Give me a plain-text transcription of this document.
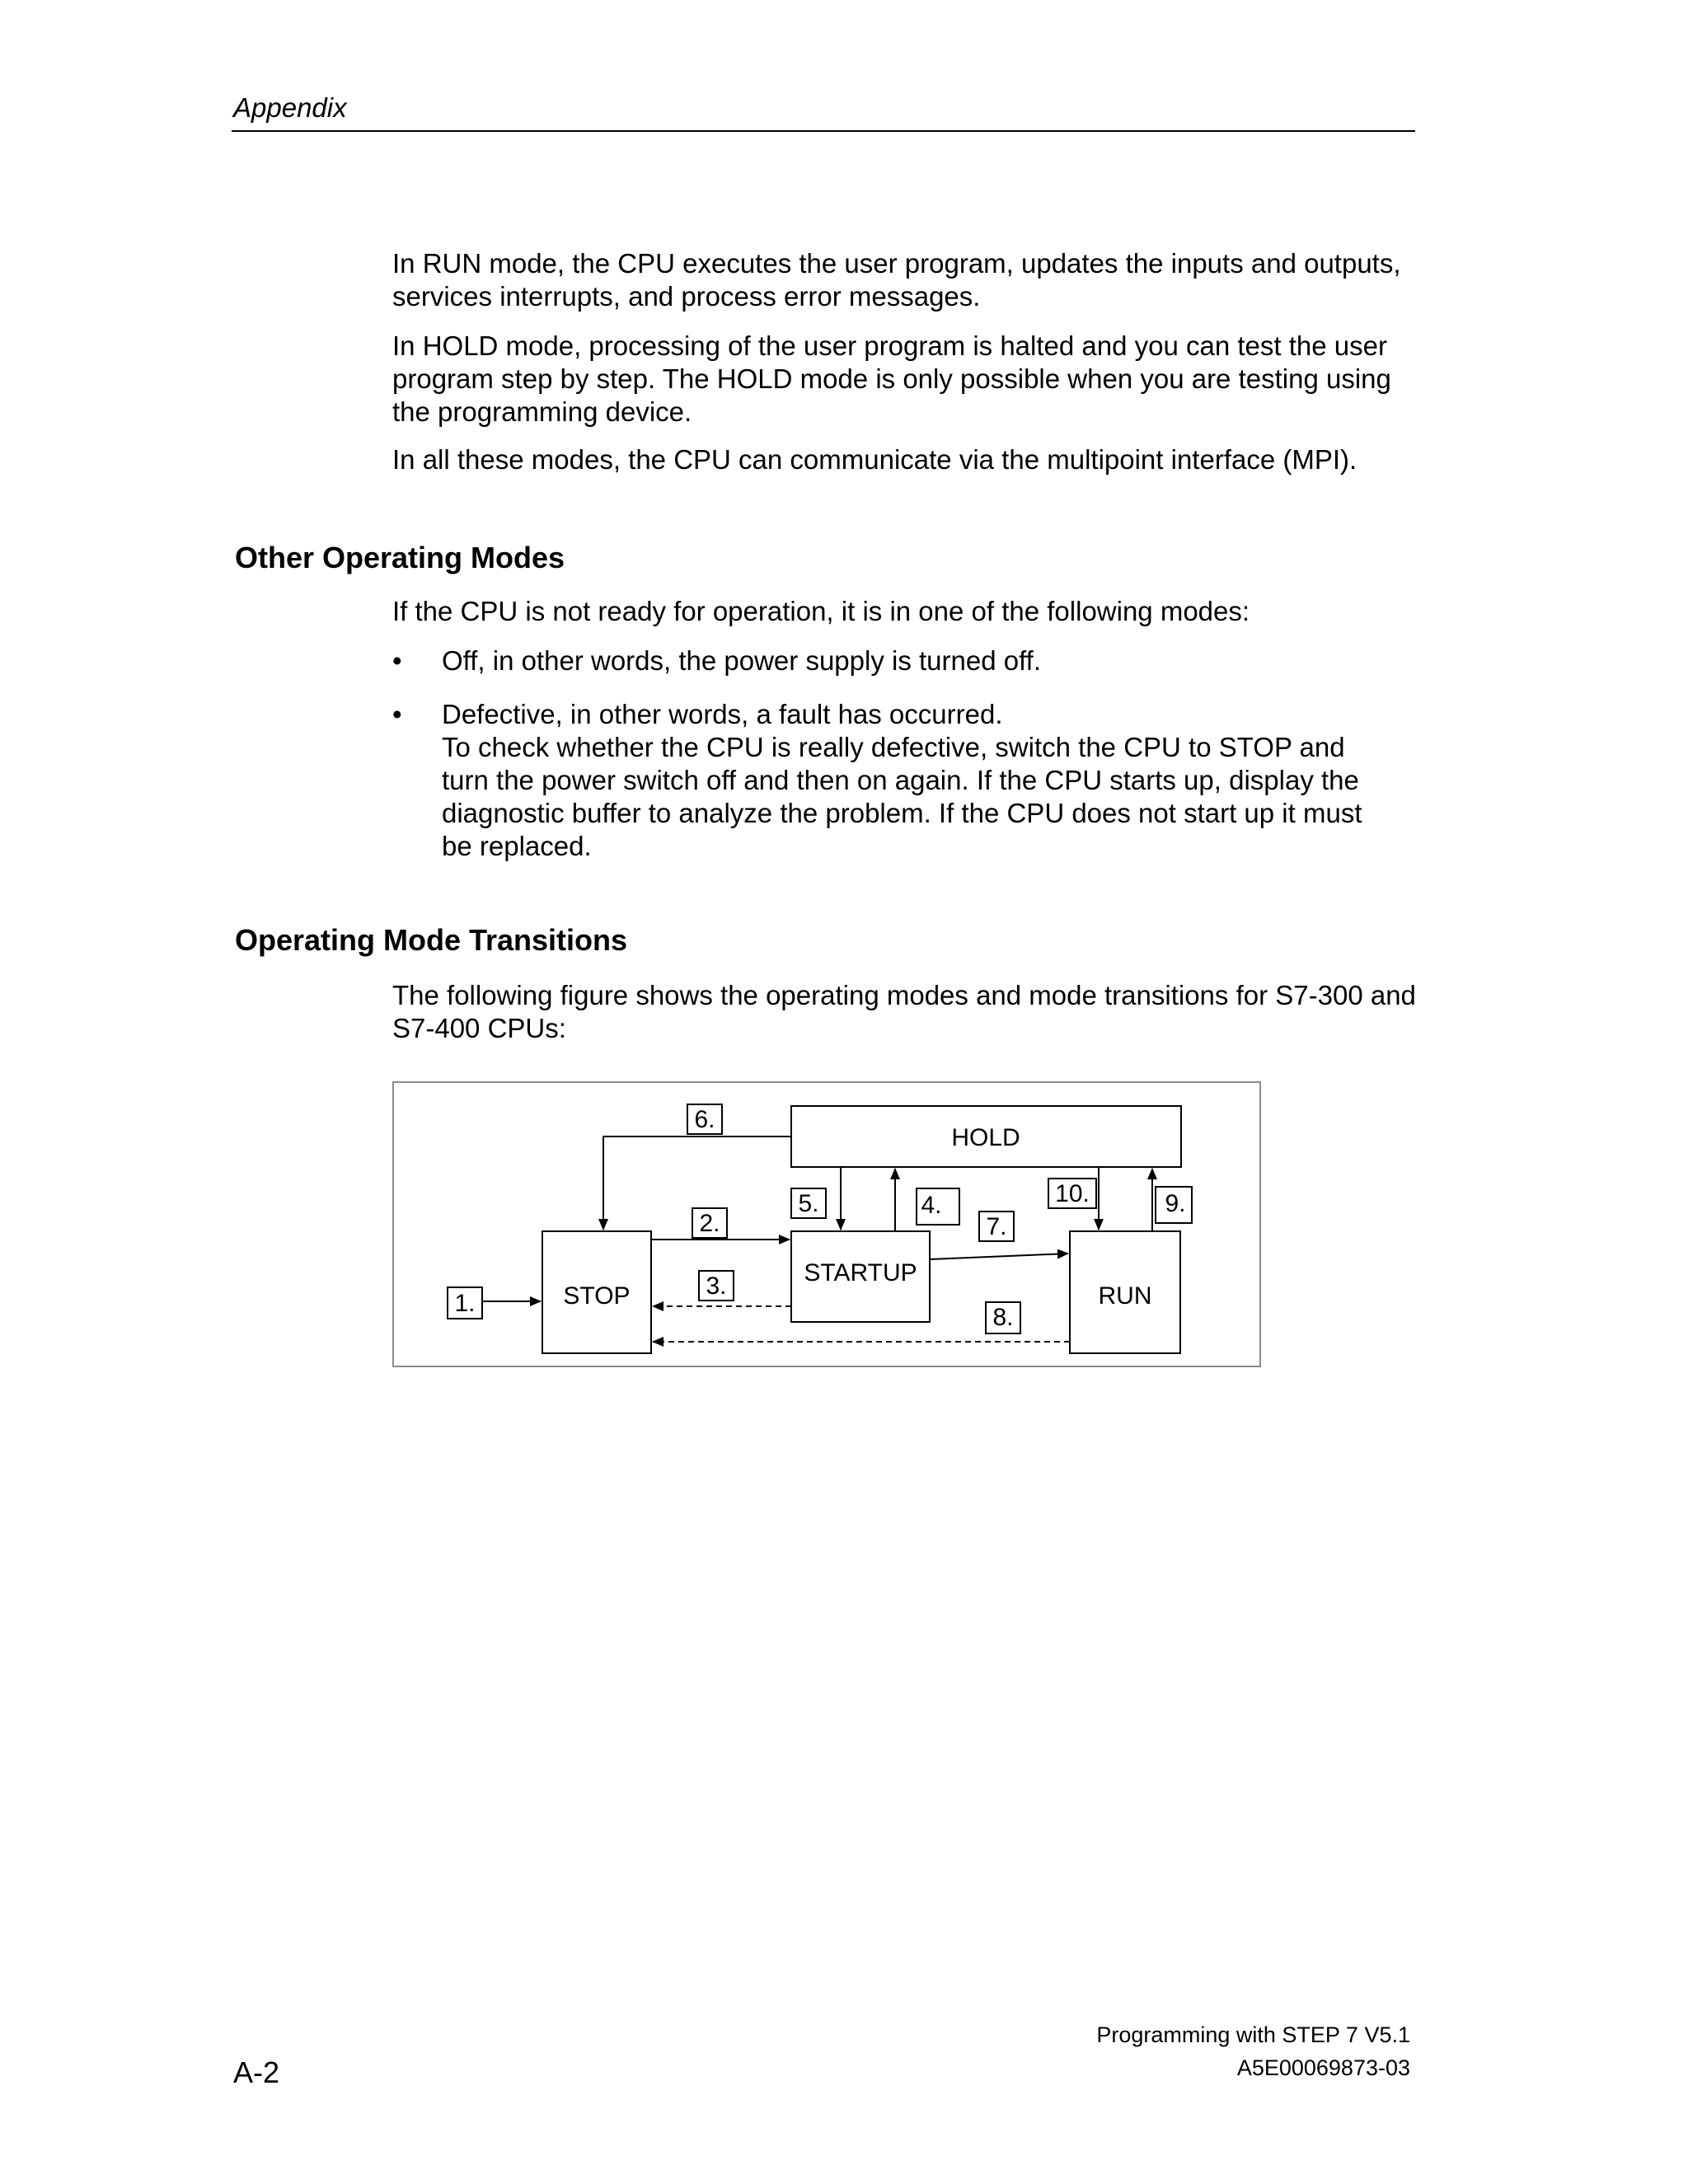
Appendix

In RUN mode, the CPU executes the user program, updates the inputs and outputs, services interrupts, and process error messages.

In HOLD mode, processing of the user program is halted and you can test the user program step by step. The HOLD mode is only possible when you are testing using the programming device.

In all these modes, the CPU can communicate via the multipoint interface (MPI).

Other Operating Modes

If the CPU is not ready for operation, it is in one of the following modes:

• Off, in other words, the power supply is turned off.
• Defective, in other words, a fault has occurred.
To check whether the CPU is really defective, switch the CPU to STOP and turn the power switch off and then on again. If the CPU starts up, display the diagnostic buffer to analyze the problem. If the CPU does not start up it must be replaced.
Operating Mode Transitions

The following figure shows the operating modes and mode transitions for S7-300 and S7-400 CPUs:

HOLD
STOP
STARTUP
RUN
1.
2.
3.
4.
5.
6.
7.
8.
9.
10.
Programming with STEP 7 V5.1
A5E00069873-03
A-2
